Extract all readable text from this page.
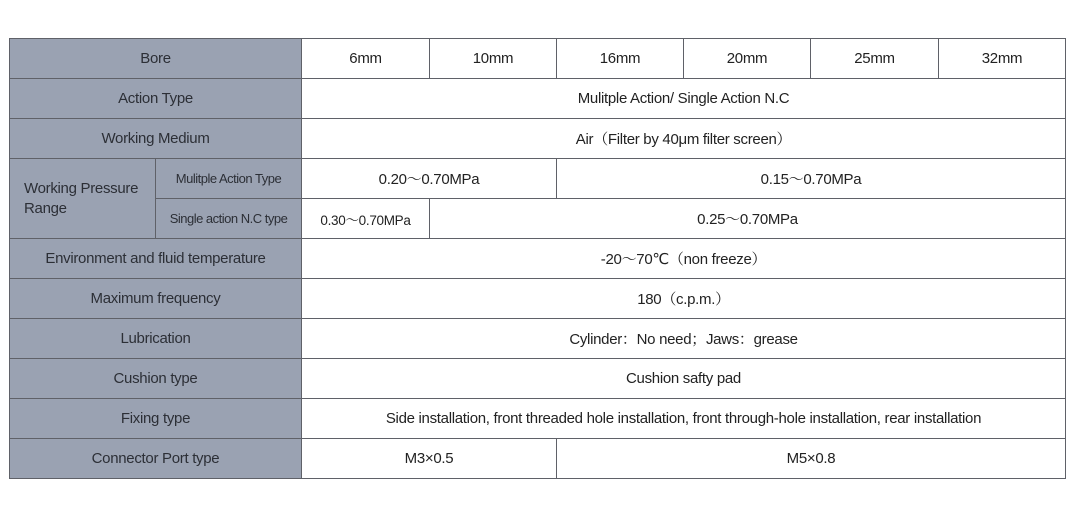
Bore		6mm	10mm	16mm	20mm	25mm	32mm
Action Type		Mulitple Action/ Single Action N.C					
Working Medium		Air（Filter by 40μm filter screen）					
Working Pressure Range	Mulitple Action Type	0.20～0.70MPa		0.15～0.70MPa			
	Single action N.C type	0.30～0.70MPa	0.25～0.70MPa				
Environment and fluid temperature		-20～70℃（non freeze）					
Maximum frequency		180（c.p.m.）					
Lubrication		Cylinder：No need；Jaws：grease					
Cushion type		Cushion safty pad					
Fixing type		Side installation, front threaded hole installation, front through-hole installation, rear installation					
Connector Port type		M3×0.5		M5×0.8			
